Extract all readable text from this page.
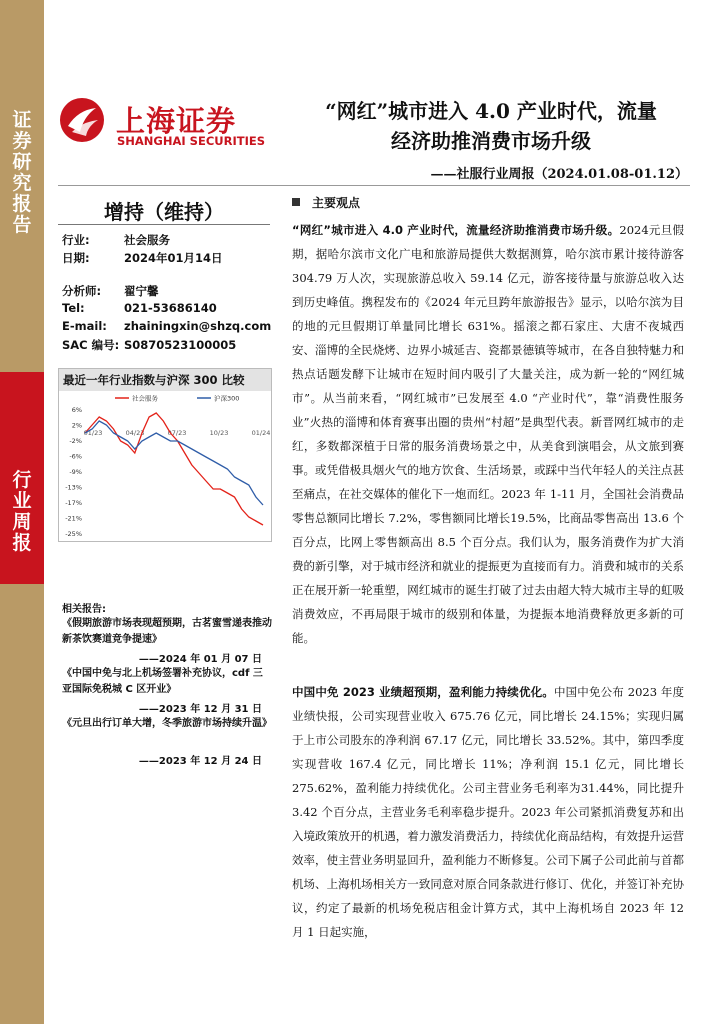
证
券
研
究
报
告
行
业
周
报
上海证券
SHANGHAI SECURITIES
“网红”城市进入 4.0 产业时代，流量
经济助推消费市场升级
——社服行业周报（2024.01.08-01.12）
增持（维持）
行业:	社会服务
日期:	2024年01月14日
分析师: 翟宁馨
Tel:	021-53686140
E-mail: zhainingxin@shzq.com
SAC 编号: S0870523100005
最近一年行业指数与沪深 300 比较
6%
2%
-2%
-6%
-9%
-13%
-17%
-21%
-25%
01/23	04/23	07/23	10/23	01/24
社会服务	沪深300
相关报告:
《假期旅游市场表现超预期，古茗蜜雪递表推动新茶饮赛道竞争提速》
——2024 年 01 月 07 日
《中国中免与北上机场签署补充协议，cdf 三亚国际免税城 C 区开业》
——2023 年 12 月 31 日
《元旦出行订单大增，冬季旅游市场持续升温》
——2023 年 12 月 24 日
主要观点

“网红”城市进入 4.0 产业时代，流量经济助推消费市场升级。2024元旦假期，据哈尔滨市文化广电和旅游局提供大数据测算，哈尔滨市累计接待游客 304.79 万人次，实现旅游总收入 59.14 亿元，游客接待量与旅游总收入达到历史峰值。携程发布的《2024 年元旦跨年旅游报告》显示，以哈尔滨为目的地的元旦假期订单量同比增长 631%。摇滚之都石家庄、大唐不夜城西安、淄博的全民烧烤、边界小城延吉、瓷都景德镇等城市，在各自独特魅力和热点话题发酵下让城市在短时间内吸引了大量关注，成为新一轮的“网红城市”。从当前来看，“网红城市”已发展至 4.0 “产业时代”，靠“消费性服务业”火热的淄博和体育赛事出圈的贵州“村超”是典型代表。新晋网红城市的走红，多数都深植于日常的服务消费场景之中，从美食到演唱会，从文旅到赛事。或凭借极具烟火气的地方饮食、生活场景，或踩中当代年轻人的关注点甚至痛点，在社交媒体的催化下一炮而红。2023 年 1-11 月，全国社会消费品零售总额同比增长 7.2%，零售额同比增长19.5%，比商品零售高出 13.6 个百分点，比网上零售额高出 8.5 个百分点。我们认为，服务消费作为扩大消费的新引擎，对于城市经济和就业的提振更为直接而有力。消费和城市的关系正在展开新一轮重塑，网红城市的诞生打破了过去由超大特大城市主导的虹吸消费效应，不再局限于城市的级别和体量，为提振本地消费释放更多新的可能。

中国中免 2023 业绩超预期，盈利能力持续优化。中国中免公布 2023 年度业绩快报，公司实现营业收入 675.76 亿元，同比增长 24.15%；实现归属于上市公司股东的净利润 67.17 亿元，同比增长 33.52%。其中，第四季度实现营收 167.4 亿元，同比增长 11%；净利润 15.1 亿元，同比增长 275.62%，盈利能力持续优化。公司主营业务毛利率为31.44%，同比提升 3.42 个百分点，主营业务毛利率稳步提升。2023 年公司紧抓消费复苏和出入境政策放开的机遇，着力激发消费活力，持续优化商品结构，有效提升运营效率，使主营业务明显回升，盈利能力不断修复。公司下属子公司此前与首都机场、上海机场相关方一致同意对原合同条款进行修订、优化，并签订补充协议，约定了最新的机场免税店租金计算方式，其中上海机场自 2023 年 12 月 1 日起实施，
